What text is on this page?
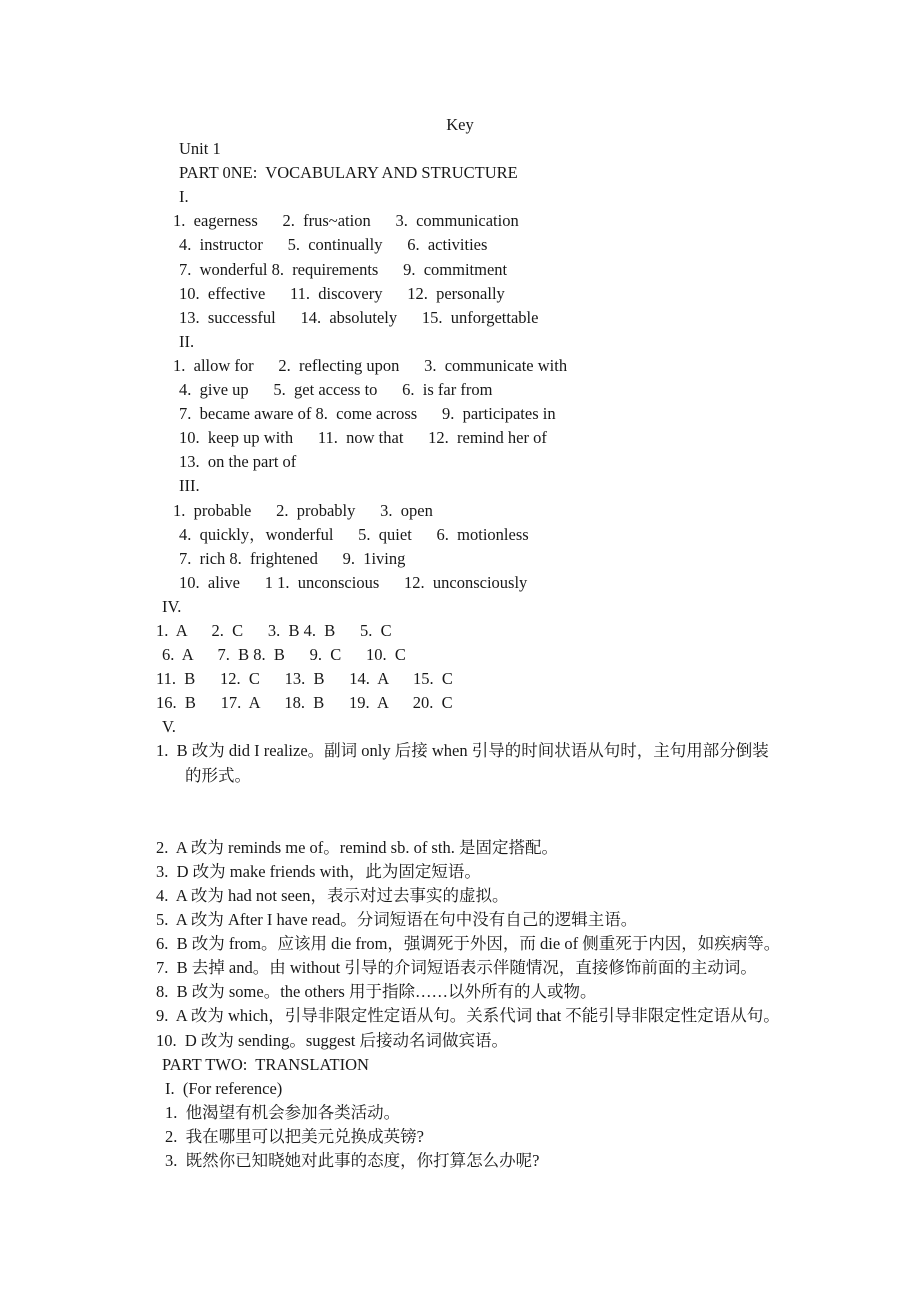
Key
Unit 1
PART 0NE:  VOCABULARY AND STRUCTURE
I.
1.  eagerness      2.  frus~ation      3.  communication
4.  instructor      5.  continually      6.  activities
7.  wonderful 8.  requirements      9.  commitment
10.  effective      11.  discovery      12.  personally
13.  successful      14.  absolutely      15.  unforgettable
II.
1.  allow for      2.  reflecting upon      3.  communicate with
4.  give up      5.  get access to      6.  is far from
7.  became aware of 8.  come across      9.  participates in
10.  keep up with      11.  now that      12.  remind her of
13.  on the part of
III.
1.  probable      2.  probably      3.  open
4.  quickly，wonderful      5.  quiet      6.  motionless
7.  rich 8.  frightened      9.  1iving
10.  alive      1 1.  unconscious      12.  unconsciously
IV.
1.  A      2.  C      3.  B 4.  B      5.  C
6.  A      7.  B 8.  B      9.  C      10.  C
11.  B      12.  C      13.  B      14.  A      15.  C
16.  B      17.  A      18.  B      19.  A      20.  C
V.
1.  B 改为 did I realize。副词 only 后接 when 引导的时间状语从句时，主句用部分倒装
的形式。
2.  A 改为 reminds me of。remind sb. of sth. 是固定搭配。
3.  D 改为 make friends with，此为固定短语。
4.  A 改为 had not seen，表示对过去事实的虚拟。
5.  A 改为 After I have read。分词短语在句中没有自己的逻辑主语。
6.  B 改为 from。应该用 die from，强调死于外因，而 die of 侧重死于内因，如疾病等。
7.  B 去掉 and。由 without 引导的介词短语表示伴随情况，直接修饰前面的主动词。
8.  B 改为 some。the others 用于指除……以外所有的人或物。
9.  A 改为 which，引导非限定性定语从句。关系代词 that 不能引导非限定性定语从句。
10.  D 改为 sending。suggest 后接动名词做宾语。
PART TWO:  TRANSLATION
I.  (For reference)
1.  他渴望有机会参加各类活动。
2.  我在哪里可以把美元兑换成英镑?
3.  既然你已知晓她对此事的态度，你打算怎么办呢?
